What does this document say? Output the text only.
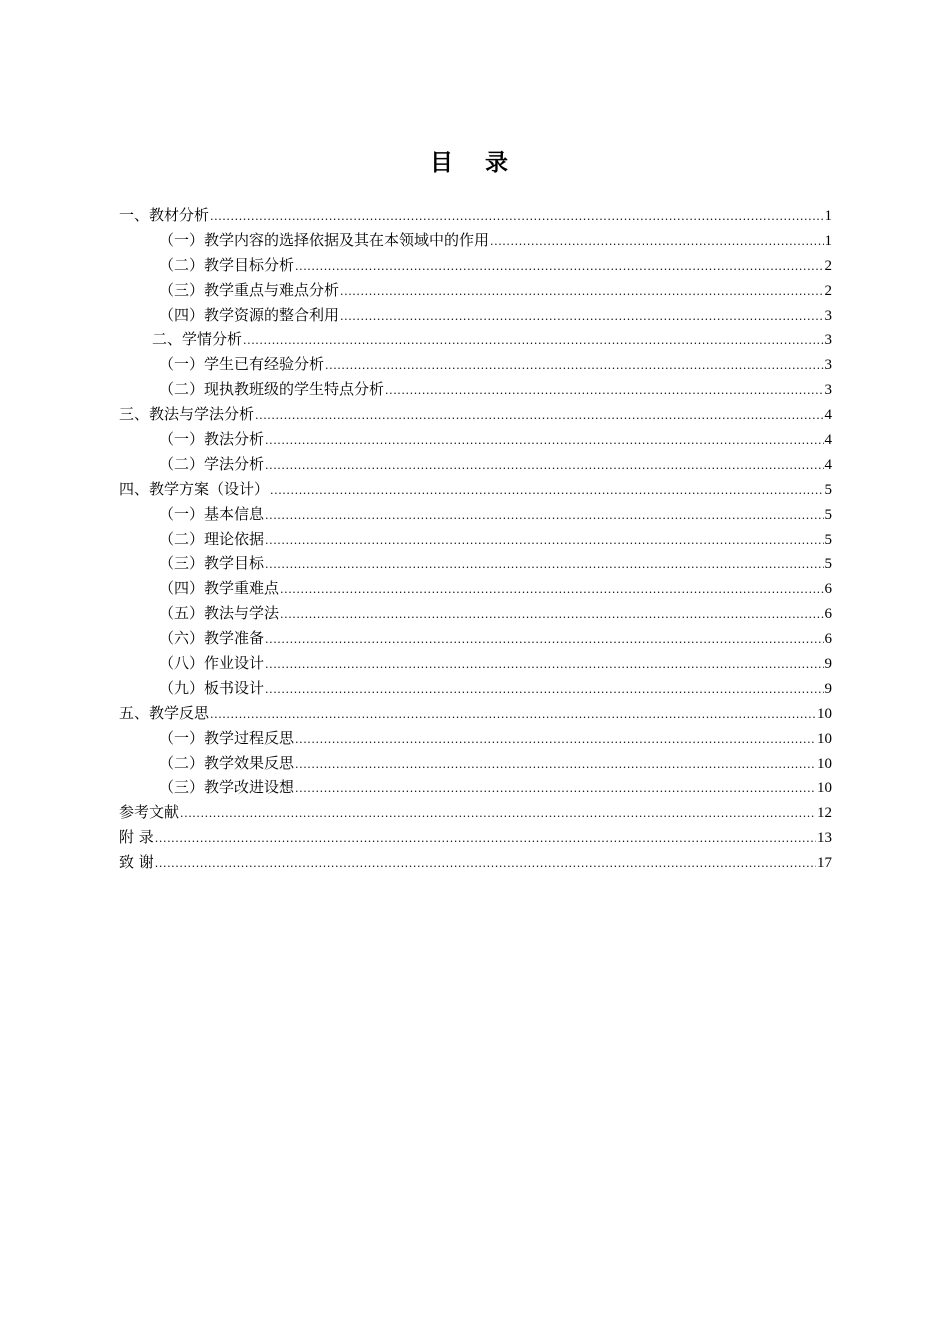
目 录
一、教材分析 .....	1
（一）教学内容的选择依据及其在本领域中的作用 .....	1
（二）教学目标分析 .....	2
（三）教学重点与难点分析 .....	2
（四）教学资源的整合利用 .....	3
二、学情分析 .....	3
（一）学生已有经验分析 .....	3
（二）现执教班级的学生特点分析 .....	3
三、教法与学法分析 .....	4
（一）教法分析 .....	4
（二）学法分析 .....	4
四、教学方案（设计） .....	5
（一）基本信息 .....	5
（二）理论依据 .....	5
（三）教学目标 .....	5
（四）教学重难点 .....	6
（五）教法与学法 .....	6
（六）教学准备 .....	6
（八）作业设计 .....	9
（九）板书设计 .....	9
五、教学反思 .....	10
（一）教学过程反思 .....	10
（二）教学效果反思 .....	10
（三）教学改进设想 .....	10
参考文献 .....	12
附 录 .....	13
致 谢 .....	17
